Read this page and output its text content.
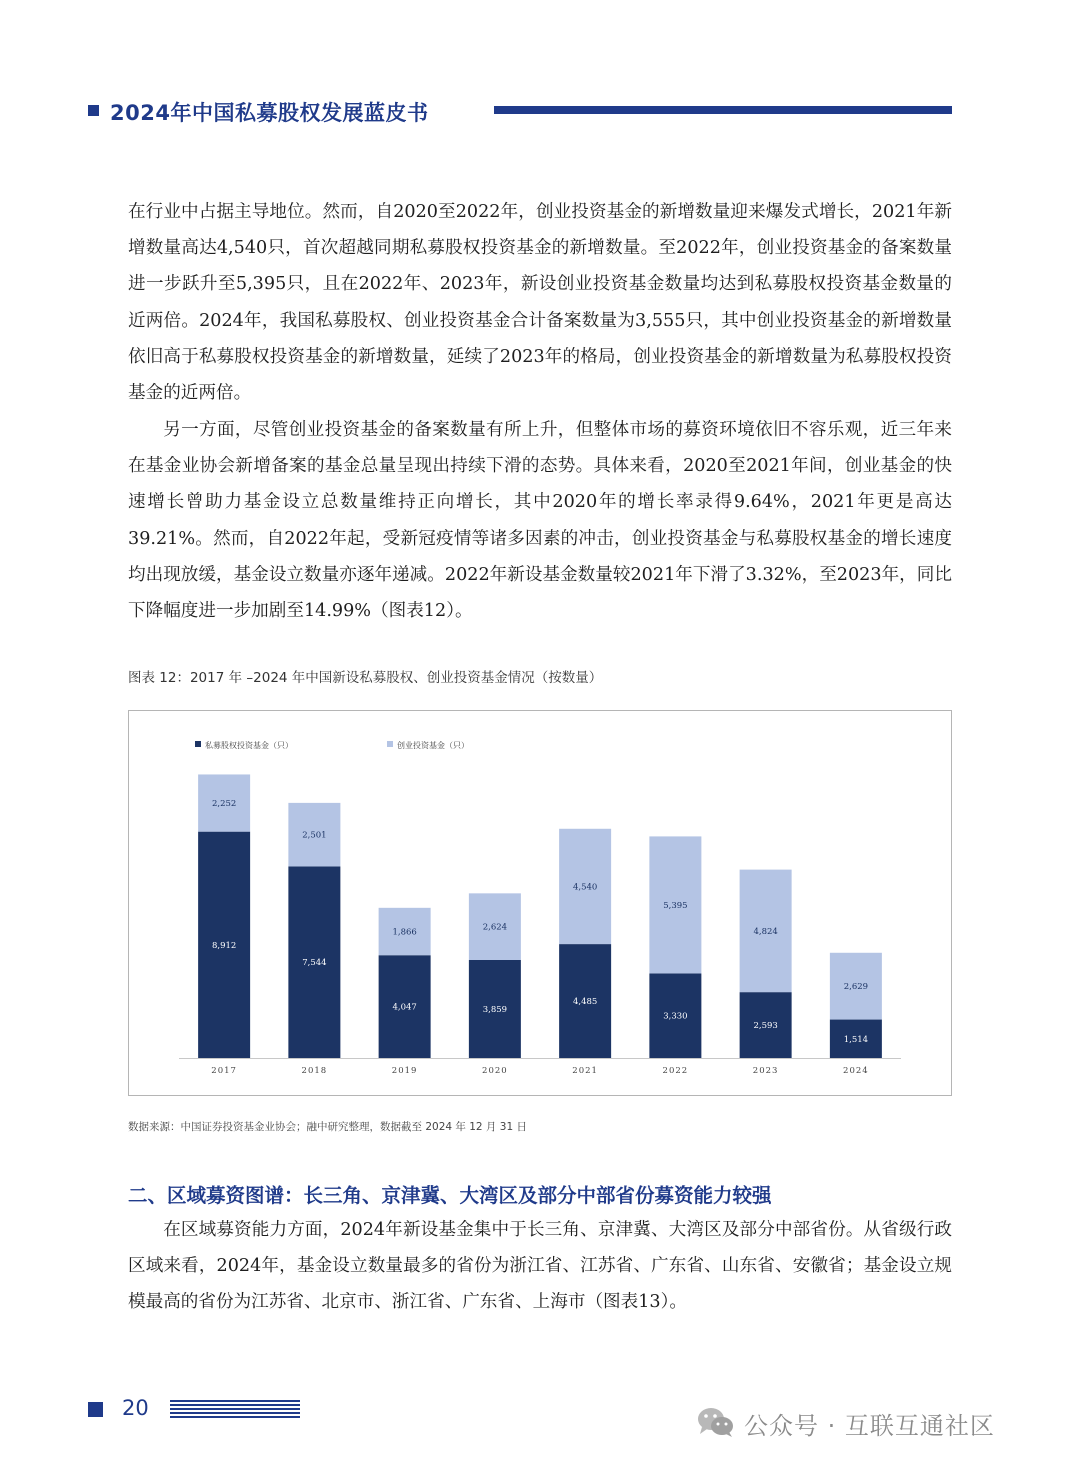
2024年中国私募股权发展蓝皮书

在行业中占据主导地位。然而，自2020至2022年，创业投资基金的新增数量迎来爆发式增长，2021年新增数量高达4,540只，首次超越同期私募股权投资基金的新增数量。至2022年，创业投资基金的备案数量进一步跃升至5,395只，且在2022年、2023年，新设创业投资基金数量均达到私募股权投资基金数量的近两倍。2024年，我国私募股权、创业投资基金合计备案数量为3,555只，其中创业投资基金的新增数量依旧高于私募股权投资基金的新增数量，延续了2023年的格局，创业投资基金的新增数量为私募股权投资基金的近两倍。

另一方面，尽管创业投资基金的备案数量有所上升，但整体市场的募资环境依旧不容乐观，近三年来在基金业协会新增备案的基金总量呈现出持续下滑的态势。具体来看，2020至2021年间，创业基金的快速增长曾助力基金设立总数量维持正向增长，其中2020年的增长率录得9.64%，2021年更是高达39.21%。然而，自2022年起，受新冠疫情等诸多因素的冲击，创业投资基金与私募股权基金的增长速度均出现放缓，基金设立数量亦逐年递减。2022年新设基金数量较2021年下滑了3.32%，至2023年，同比下降幅度进一步加剧至14.99%（图表12）。

图表 12：2017 年 –2024 年中国新设私募股权、创业投资基金情况（按数量）
私募股权投资基金（只）	创业投资基金（只）
8,912
2,252
2017
7,544
2,501
2018
4,047
1,866
2019
3,859
2,624
2020
4,485
4,540
2021
3,330
5,395
2022
2,593
4,824
2023
1,514
2,629
2024
数据来源：中国证券投资基金业协会；融中研究整理，数据截至 2024 年 12 月 31 日
二、区域募资图谱：长三角、京津冀、大湾区及部分中部省份募资能力较强

在区域募资能力方面，2024年新设基金集中于长三角、京津冀、大湾区及部分中部省份。从省级行政区域来看，2024年，基金设立数量最多的省份为浙江省、江苏省、广东省、山东省、安徽省；基金设立规模最高的省份为江苏省、北京市、浙江省、广东省、上海市（图表13）。

20
公众号 · 互联互通社区
